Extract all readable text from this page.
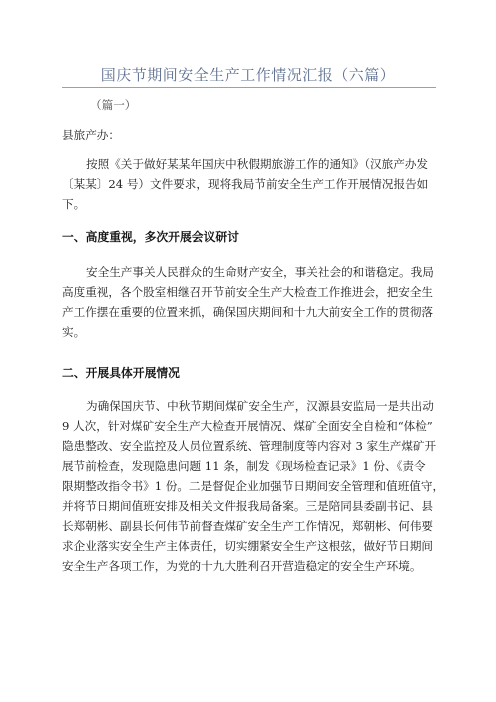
国庆节期间安全生产工作情况汇报（六篇）
（篇一）
县旅产办：
按照《关于做好某某年国庆中秋假期旅游工作的通知》（汉旅产办发
〔某某〕24 号）文件要求，现将我局节前安全生产工作开展情况报告如
下。
一、高度重视，多次开展会议研讨
安全生产事关人民群众的生命财产安全，事关社会的和谐稳定。我局
高度重视，各个股室相继召开节前安全生产大检查工作推进会，把安全生
产工作摆在重要的位置来抓，确保国庆期间和十九大前安全工作的贯彻落
实。
二、开展具体开展情况
为确保国庆节、中秋节期间煤矿安全生产，汉源县安监局一是共出动
9 人次，针对煤矿安全生产大检查开展情况、煤矿全面安全自检和“体检”
隐患整改、安全监控及人员位置系统、管理制度等内容对 3 家生产煤矿开
展节前检查，发现隐患问题 11 条，制发《现场检查记录》1 份、《责令
限期整改指令书》1 份。二是督促企业加强节日期间安全管理和值班值守，
并将节日期间值班安排及相关文件报我局备案。三是陪同县委副书记、县
长郑朝彬、副县长何伟节前督查煤矿安全生产工作情况，郑朝彬、何伟要
求企业落实安全生产主体责任，切实绷紧安全生产这根弦，做好节日期间
安全生产各项工作，为党的十九大胜利召开营造稳定的安全生产环境。
